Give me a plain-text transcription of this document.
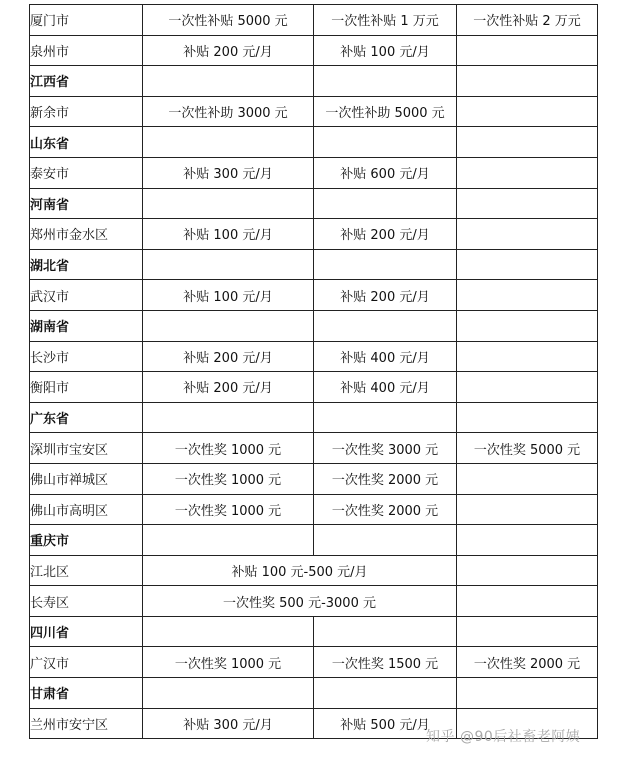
厦门市	一次性补贴 5000 元	一次性补贴 1 万元	一次性补贴 2 万元
泉州市	补贴 200 元/月	补贴 100 元/月	
江西省			
新余市	一次性补助 3000 元	一次性补助 5000 元	
山东省			
泰安市	补贴 300 元/月	补贴 600 元/月	
河南省			
郑州市金水区	补贴 100 元/月	补贴 200 元/月	
湖北省			
武汉市	补贴 100 元/月	补贴 200 元/月	
湖南省			
长沙市	补贴 200 元/月	补贴 400 元/月	
衡阳市	补贴 200 元/月	补贴 400 元/月	
广东省			
深圳市宝安区	一次性奖 1000 元	一次性奖 3000 元	一次性奖 5000 元
佛山市禅城区	一次性奖 1000 元	一次性奖 2000 元	
佛山市高明区	一次性奖 1000 元	一次性奖 2000 元	
重庆市			
江北区	补贴 100 元-500 元/月		
长寿区	一次性奖 500 元-3000 元		
四川省			
广汉市	一次性奖 1000 元	一次性奖 1500 元	一次性奖 2000 元
甘肃省			
兰州市安宁区	补贴 300 元/月	补贴 500 元/月	
知乎 @90后社畜老阿姨
